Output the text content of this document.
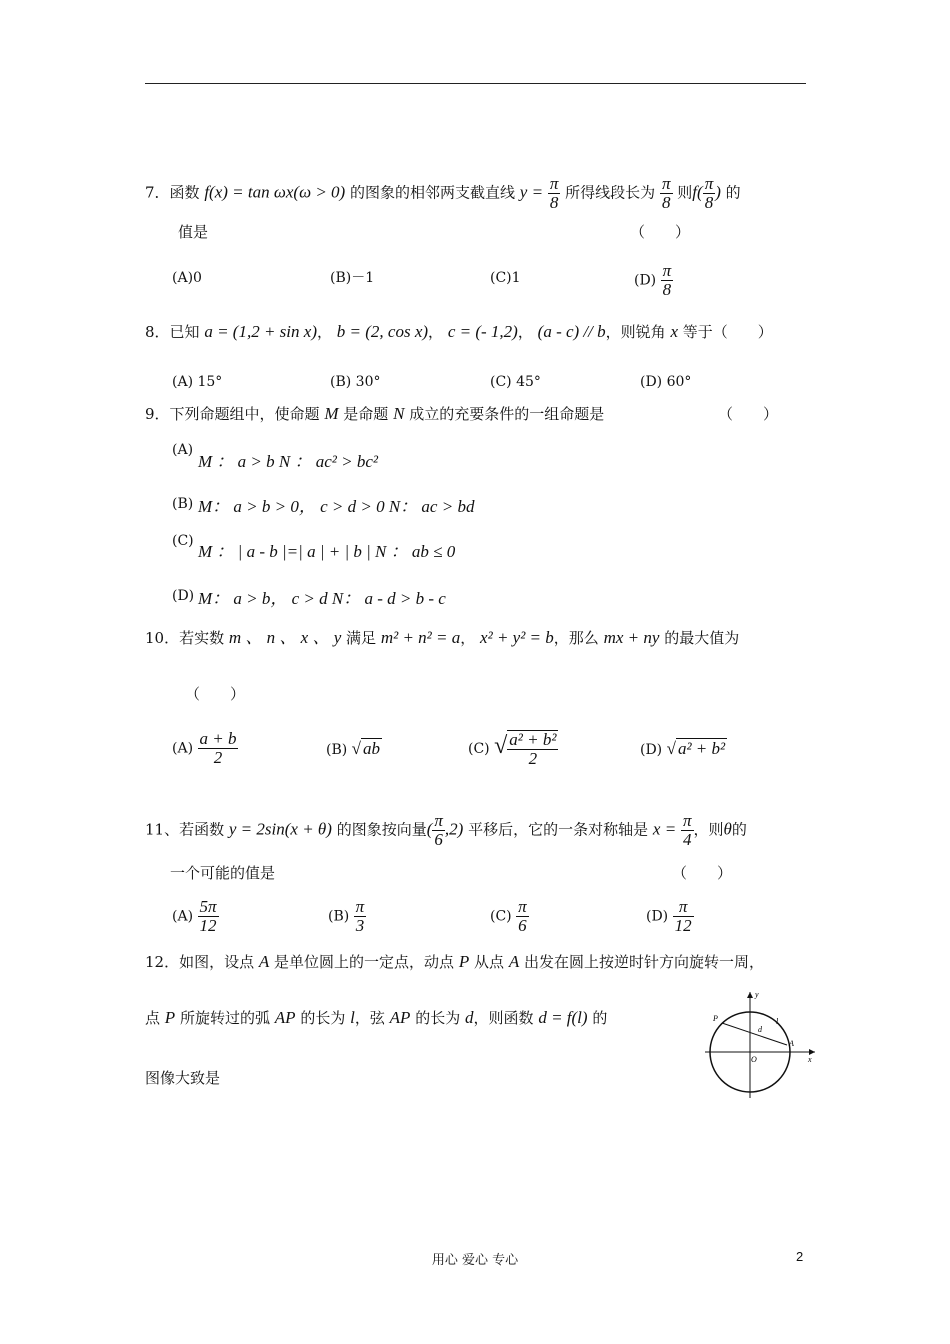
7．函数 f(x) = tan ωx(ω > 0) 的图象的相邻两支截直线 $y = \frac{\pi}{8}$ 所得线段长为 $\frac{\pi}{8}$ 则$f( \frac{\pi}{8}$ ) 的
值是	（　　）
(A)0	(B)－1	(C)1	$(D) \frac{\pi}{8}$
8．已知 a = (1,2 + sin x)， b = (2, cos x)， c = (- 1,2)， (a - c) // b，则锐角 x 等于（　　）
(A) 15°	(B) 30°	(C) 45°	(D) 60°
9．下列命题组中，使命题 M 是命题 N 成立的充要条件的一组命题是	（　　）
(A)
M ： a > b N ： ac² > bc²
(B) M： a > b > 0， c > d > 0 N： ac > bd
(C)
M ： | a - b |=| a | + | b | N ： ab ≤ 0
(D) M： a > b， c > d N： a - d > b - c
10．若实数 m 、 n 、 x 、 y 满足 m² + n² = a， x² + y² = b，那么 mx + ny 的最大值为
（　　）
$(A) \frac{a + b}{2}$	(B) √ ab	(C) √ $\frac{\text{a² + b²}}{2}$	(D) √ a² + b²
11、若函数 y = 2sin(x + θ) 的图象按向量( $\frac{\pi}{6} ,2$) 平移后，它的一条对称轴是 $x = \frac{\pi}{4}$ ，则θ的
一个可能的值是	（　　）
$(A) \frac{5\pi}{12}$	$(B) \frac{\pi}{3}$	$(C) \frac{\pi}{6}$	$(D) \frac{\pi}{12}$
12．如图，设点 A 是单位圆上的一定点，动点 P 从点 A 出发在圆上按逆时针方向旋转一周，
点 P 所旋转过的弧 AP 的长为 l，弦 AP 的长为 d，则函数 d = f(l) 的
图像大致是
y
x
P
A
O
d
l
用心 爱心 专心	2
